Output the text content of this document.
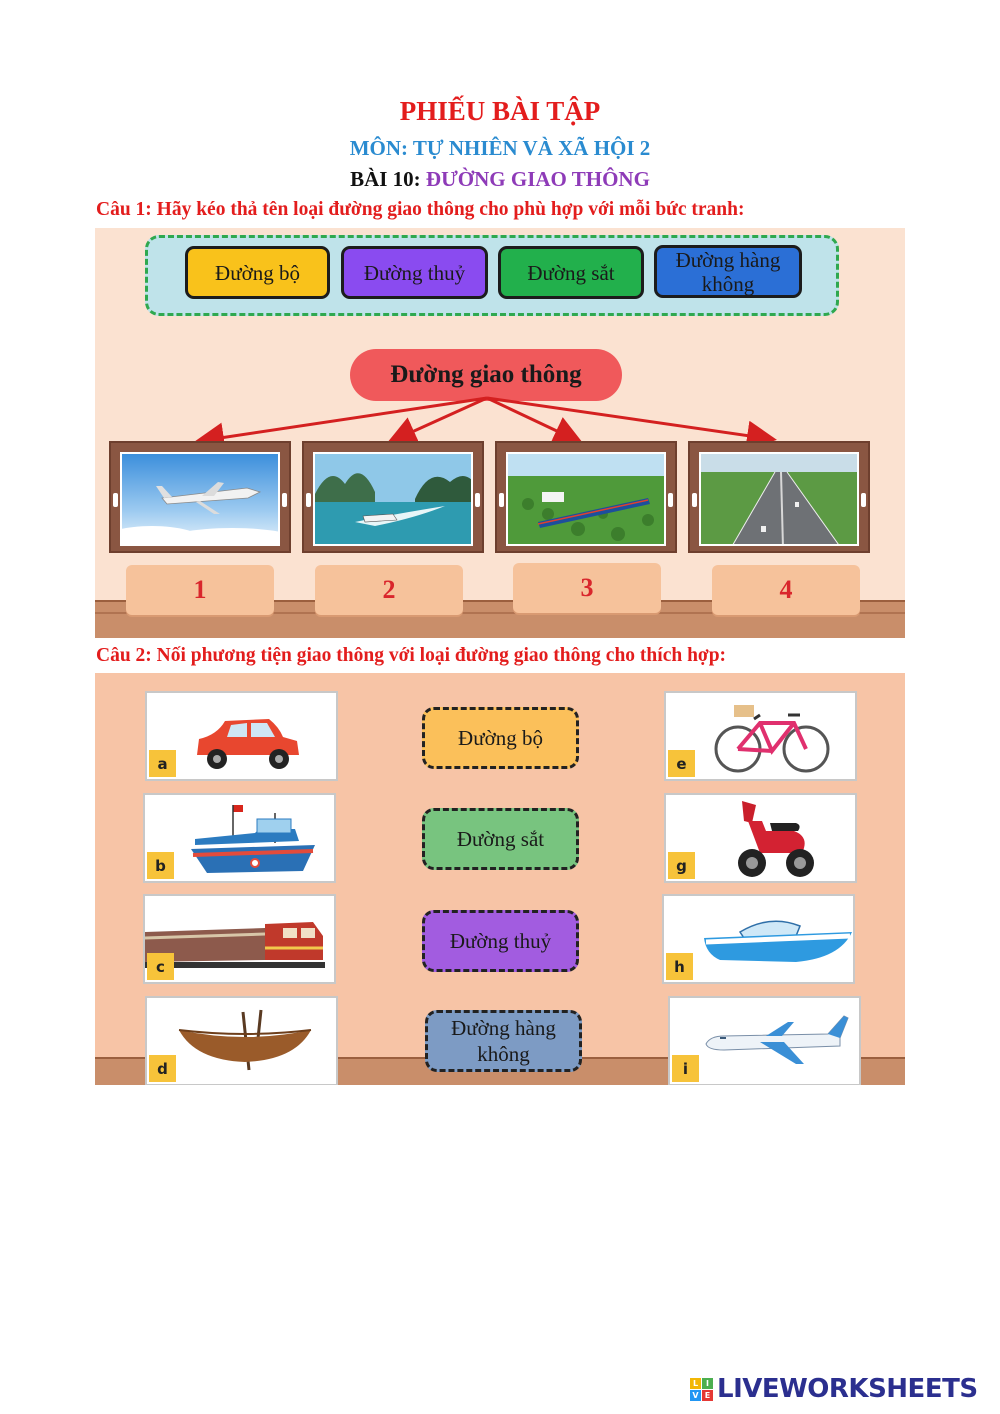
PHIẾU BÀI TẬP
MÔN: TỰ NHIÊN VÀ XÃ HỘI 2
BÀI 10: ĐƯỜNG GIAO THÔNG
Câu 1: Hãy kéo thả tên loại đường giao thông cho phù hợp với mỗi bức tranh:
Đường bộ	Đường thuỷ	Đường sắt
Đường hàng không
Đường giao thông
1	2	3	4
Câu 2: Nối phương tiện giao thông với loại đường giao thông cho thích hợp:
a
b
c
d
Đường bộ
Đường sắt
Đường thuỷ
Đường hàng không
e
g
h
i
L I
V E LIVEWORKSHEETS
